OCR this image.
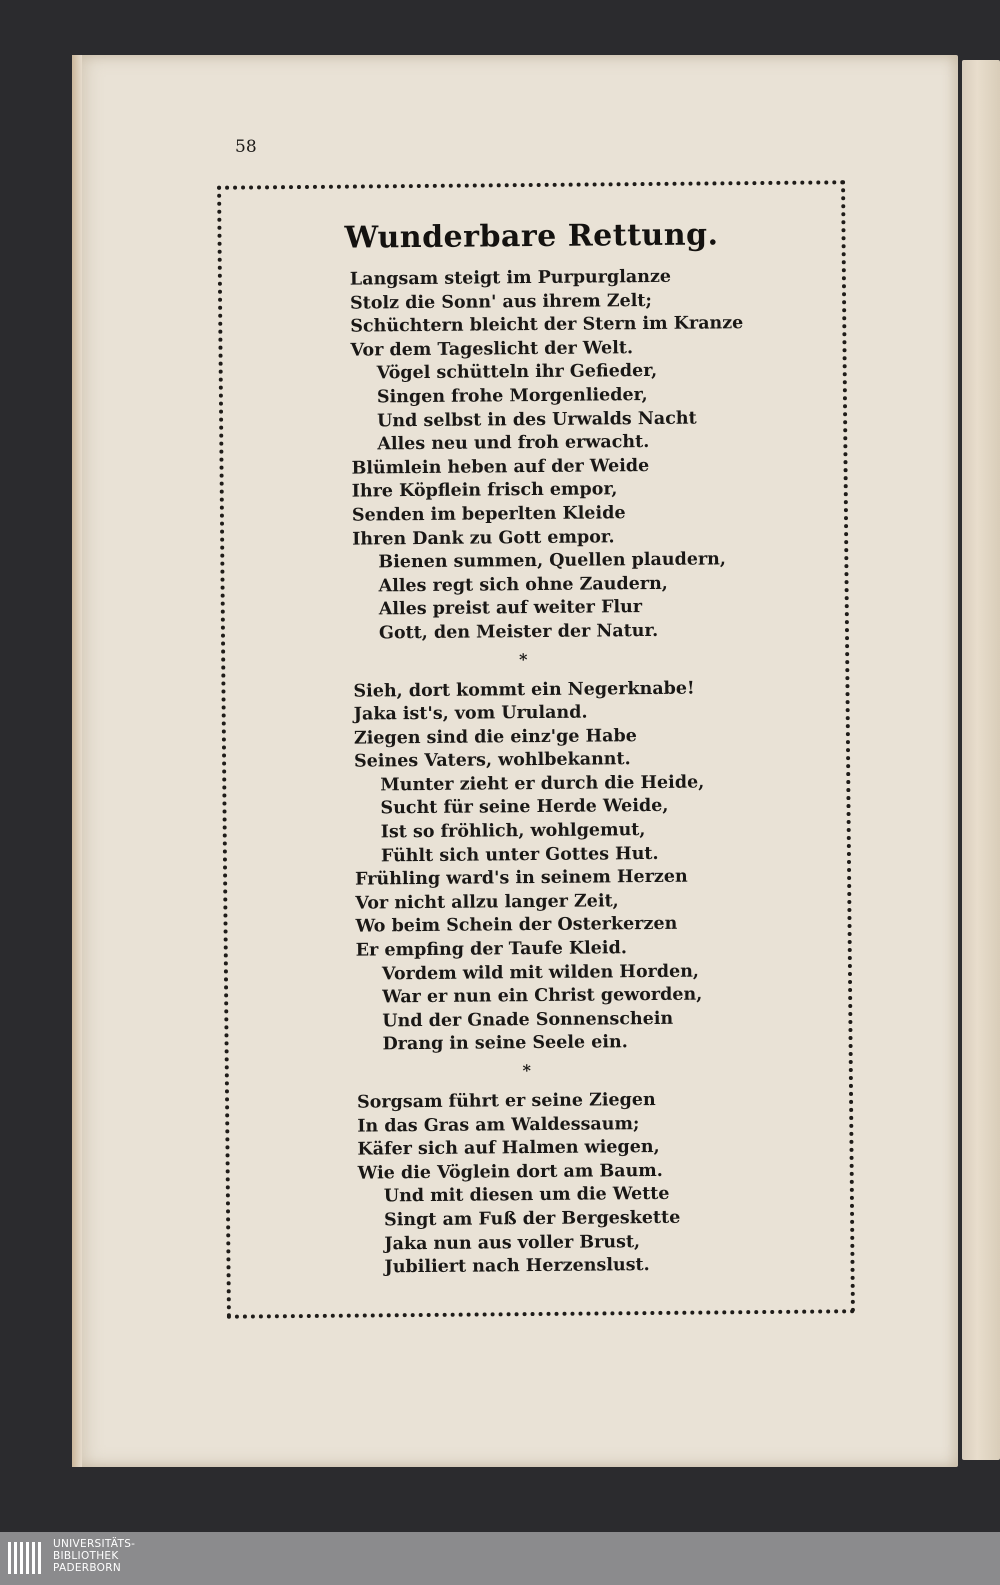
58
Wunderbare Rettung.
Langsam steigt im Purpurglanze
Stolz die Sonn' aus ihrem Zelt;
Schüchtern bleicht der Stern im Kranze
Vor dem Tageslicht der Welt.
Vögel schütteln ihr Gefieder,
Singen frohe Morgenlieder,
Und selbst in des Urwalds Nacht
Alles neu und froh erwacht.
Blümlein heben auf der Weide
Ihre Köpflein frisch empor,
Senden im beperlten Kleide
Ihren Dank zu Gott empor.
Bienen summen, Quellen plaudern,
Alles regt sich ohne Zaudern,
Alles preist auf weiter Flur
Gott, den Meister der Natur.
*
Sieh, dort kommt ein Negerknabe!
Jaka ist's, vom Uruland.
Ziegen sind die einz'ge Habe
Seines Vaters, wohlbekannt.
Munter zieht er durch die Heide,
Sucht für seine Herde Weide,
Ist so fröhlich, wohlgemut,
Fühlt sich unter Gottes Hut.
Frühling ward's in seinem Herzen
Vor nicht allzu langer Zeit,
Wo beim Schein der Osterkerzen
Er empfing der Taufe Kleid.
Vordem wild mit wilden Horden,
War er nun ein Christ geworden,
Und der Gnade Sonnenschein
Drang in seine Seele ein.
*
Sorgsam führt er seine Ziegen
In das Gras am Waldessaum;
Käfer sich auf Halmen wiegen,
Wie die Vöglein dort am Baum.
Und mit diesen um die Wette
Singt am Fuß der Bergeskette
Jaka nun aus voller Brust,
Jubiliert nach Herzenslust.
UNIVERSITÄTS-
BIBLIOTHEK
PADERBORN
